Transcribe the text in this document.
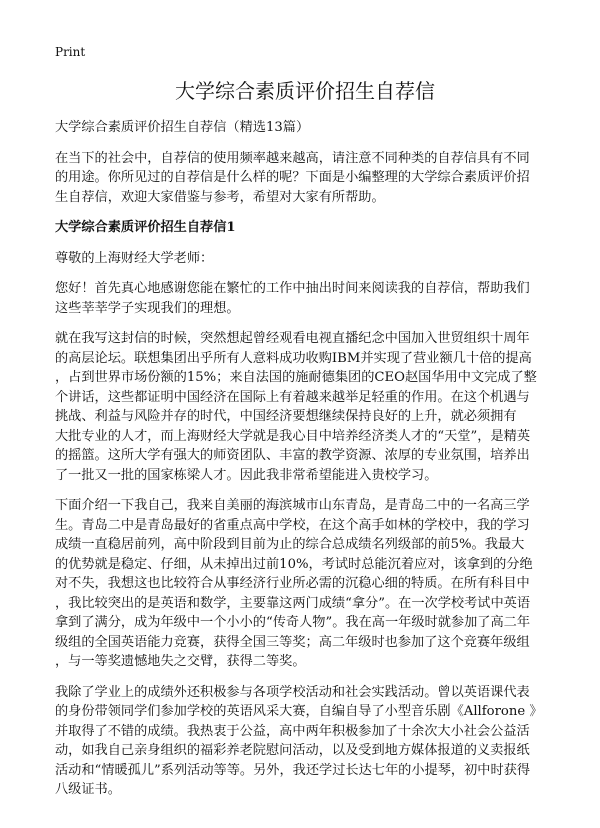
Print
大学综合素质评价招生自荐信
大学综合素质评价招生自荐信（精选13篇）
在当下的社会中，自荐信的使用频率越来越高，请注意不同种类的自荐信具有不同
的用途。你所见过的自荐信是什么样的呢？下面是小编整理的大学综合素质评价招
生自荐信，欢迎大家借鉴与参考，希望对大家有所帮助。
大学综合素质评价招生自荐信1
尊敬的上海财经大学老师：
您好！首先真心地感谢您能在繁忙的工作中抽出时间来阅读我的自荐信，帮助我们
这些莘莘学子实现我们的理想。
就在我写这封信的时候，突然想起曾经观看电视直播纪念中国加入世贸组织十周年
的高层论坛。联想集团出乎所有人意料成功收购IBM并实现了营业额几十倍的提高
，占到世界市场份额的15%；来自法国的施耐德集团的CEO赵国华用中文完成了整
个讲话，这些都证明中国经济在国际上有着越来越举足轻重的作用。在这个机遇与
挑战、利益与风险并存的时代，中国经济要想继续保持良好的上升，就必须拥有
大批专业的人才，而上海财经大学就是我心目中培养经济类人才的“天堂”，是精英
的摇篮。这所大学有强大的师资团队、丰富的教学资源、浓厚的专业氛围，培养出
了一批又一批的国家栋梁人才。因此我非常希望能进入贵校学习。
下面介绍一下我自己，我来自美丽的海滨城市山东青岛，是青岛二中的一名高三学
生。青岛二中是青岛最好的省重点高中学校，在这个高手如林的学校中，我的学习
成绩一直稳居前列，高中阶段到目前为止的综合总成绩名列级部的前5%。我最大
的优势就是稳定、仔细，从未掉出过前10%，考试时总能沉着应对，该拿到的分绝
对不失，我想这也比较符合从事经济行业所必需的沉稳心细的特质。在所有科目中
，我比较突出的是英语和数学，主要靠这两门成绩“拿分”。在一次学校考试中英语
拿到了满分，成为年级中一个小小的“传奇人物”。我在高一年级时就参加了高二年
级组的全国英语能力竞赛，获得全国三等奖；高二年级时也参加了这个竞赛年级组
，与一等奖遗憾地失之交臂，获得二等奖。
我除了学业上的成绩外还积极参与各项学校活动和社会实践活动。曾以英语课代表
的身份带领同学们参加学校的英语风采大赛，自编自导了小型音乐剧《Allforone 》
并取得了不错的成绩。我热衷于公益，高中两年积极参加了十余次大小社会公益活
动，如我自己亲身组织的福彩养老院慰问活动，以及受到地方媒体报道的义卖报纸
活动和“情暖孤儿”系列活动等等。另外，我还学过长达七年的小提琴，初中时获得
八级证书。
